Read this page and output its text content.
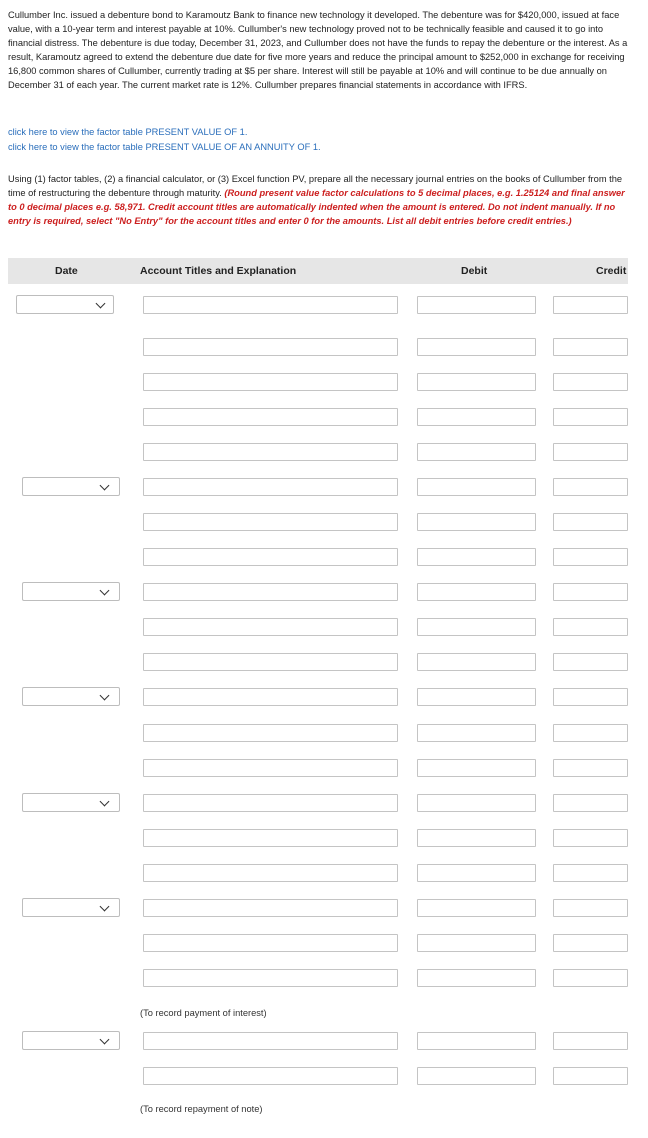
Cullumber Inc. issued a debenture bond to Karamoutz Bank to finance new technology it developed. The debenture was for $420,000, issued at face value, with a 10-year term and interest payable at 10%. Cullumber's new technology proved not to be technically feasible and caused it to go into financial distress. The debenture is due today, December 31, 2023, and Cullumber does not have the funds to repay the debenture or the interest. As a result, Karamoutz agreed to extend the debenture due date for five more years and reduce the principal amount to $252,000 in exchange for receiving 16,800 common shares of Cullumber, currently trading at $5 per share. Interest will still be payable at 10% and will continue to be due annually on December 31 of each year. The current market rate is 12%. Cullumber prepares financial statements in accordance with IFRS.

click here to view the factor table PRESENT VALUE OF 1.
click here to view the factor table PRESENT VALUE OF AN ANNUITY OF 1.

Using (1) factor tables, (2) a financial calculator, or (3) Excel function PV, prepare all the necessary journal entries on the books of Cullumber from the time of restructuring the debenture through maturity. (Round present value factor calculations to 5 decimal places, e.g. 1.25124 and final answer to 0 decimal places e.g. 58,971. Credit account titles are automatically indented when the amount is entered. Do not indent manually. If no entry is required, select "No Entry" for the account titles and enter 0 for the amounts. List all debit entries before credit entries.)

Date	Account Titles and Explanation	Debit	Credit
(To record payment of interest)
(To record repayment of note)
